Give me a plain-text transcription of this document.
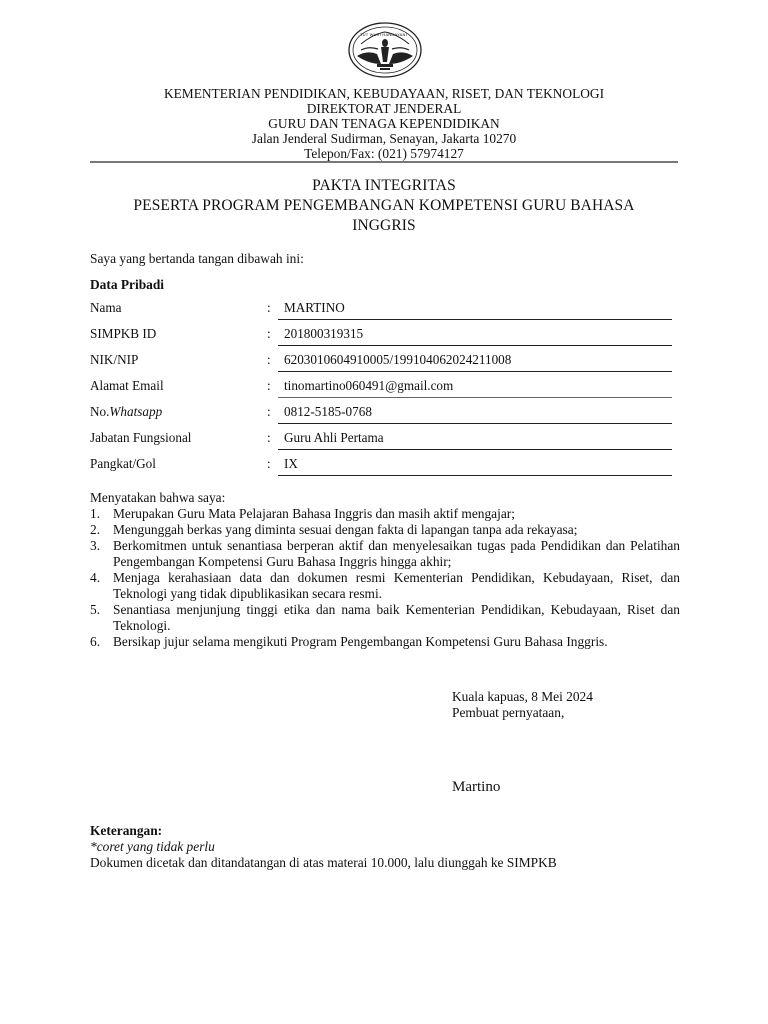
TUT WURI HANDAYANI
KEMENTERIAN PENDIDIKAN, KEBUDAYAAN, RISET, DAN TEKNOLOGI
DIREKTORAT JENDERAL
GURU DAN TENAGA KEPENDIDIKAN
Jalan Jenderal Sudirman, Senayan, Jakarta 10270
Telepon/Fax: (021) 57974127
PAKTA INTEGRITAS
PESERTA PROGRAM PENGEMBANGAN KOMPETENSI GURU BAHASA
INGGRIS
Saya yang bertanda tangan dibawah ini:
Data Pribadi
Nama	: MARTINO
SIMPKB ID	: 201800319315
NIK/NIP	: 6203010604910005/199104062024211008
Alamat Email	: tinomartino060491@gmail.com
No.Whatsapp	: 0812-5185-0768
Jabatan Fungsional	: Guru Ahli Pertama
Pangkat/Gol	: IX
Menyatakan bahwa saya:
1. Merupakan Guru Mata Pelajaran Bahasa Inggris dan masih aktif mengajar;
2. Mengunggah berkas yang diminta sesuai dengan fakta di lapangan tanpa ada rekayasa;
3. Berkomitmen untuk senantiasa berperan aktif dan menyelesaikan tugas pada Pendidikan dan Pelatihan Pengembangan Kompetensi Guru Bahasa Inggris hingga akhir;
4. Menjaga kerahasiaan data dan dokumen resmi Kementerian Pendidikan, Kebudayaan, Riset, dan Teknologi yang tidak dipublikasikan secara resmi.
5. Senantiasa menjunjung tinggi etika dan nama baik Kementerian Pendidikan, Kebudayaan, Riset dan Teknologi.
6. Bersikap jujur selama mengikuti Program Pengembangan Kompetensi Guru Bahasa Inggris.
Kuala kapuas, 8 Mei 2024
Pembuat pernyataan,
Martino
Keterangan:
*coret yang tidak perlu
Dokumen dicetak dan ditandatangan di atas materai 10.000, lalu diunggah ke SIMPKB
